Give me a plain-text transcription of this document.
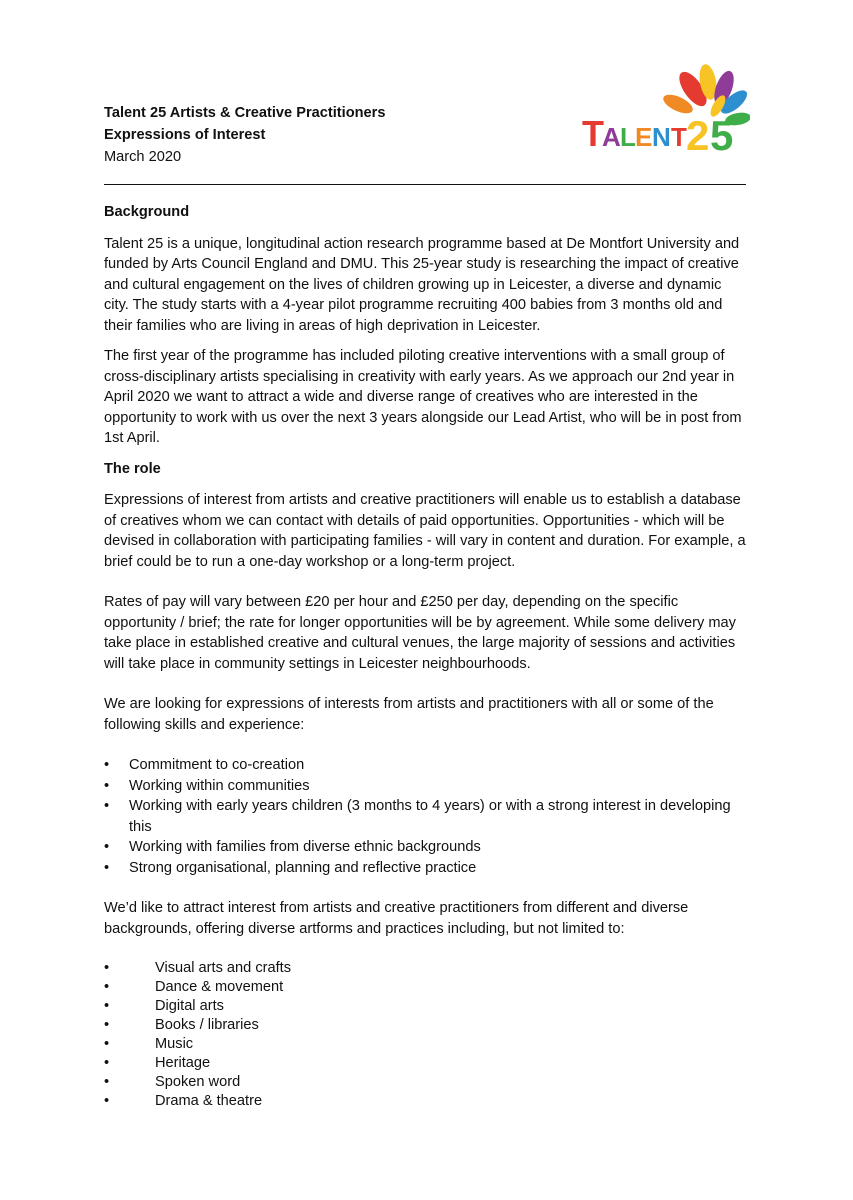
Talent 25 Artists & Creative Practitioners
Expressions of Interest
March 2020
T
A L E N T 2 5
Background

Talent 25 is a unique, longitudinal action research programme based at De Montfort University and funded by Arts Council England and DMU. This 25-year study is researching the impact of creative and cultural engagement on the lives of children growing up in Leicester, a diverse and dynamic city. The study starts with a 4-year pilot programme recruiting 400 babies from 3 months old and their families who are living in areas of high deprivation in Leicester.

The first year of the programme has included piloting creative interventions with a small group of cross-disciplinary artists specialising in creativity with early years. As we approach our 2nd year in April 2020 we want to attract a wide and diverse range of creatives who are interested in the opportunity to work with us over the next 3 years alongside our Lead Artist, who will be in post from 1st April.

The role

Expressions of interest from artists and creative practitioners will enable us to establish a database of creatives whom we can contact with details of paid opportunities. Opportunities - which will be devised in collaboration with participating families - will vary in content and duration. For example, a brief could be to run a one-day workshop or a long-term project.

Rates of pay will vary between £20 per hour and £250 per day, depending on the specific opportunity / brief; the rate for longer opportunities will be by agreement. While some delivery may take place in established creative and cultural venues, the large majority of sessions and activities will take place in community settings in Leicester neighbourhoods.

We are looking for expressions of interests from artists and practitioners with all or some of the following skills and experience:

• Commitment to co-creation
• Working within communities
• Working with early years children (3 months to 4 years) or with a strong interest in developing this
• Working with families from diverse ethnic backgrounds
• Strong organisational, planning and reflective practice

We’d like to attract interest from artists and creative practitioners from different and diverse backgrounds, offering diverse artforms and practices including, but not limited to:

•	Visual arts and crafts
•	Dance & movement
•	Digital arts
•	Books / libraries
•	Music
•	Heritage
•	Spoken word
•	Drama & theatre
